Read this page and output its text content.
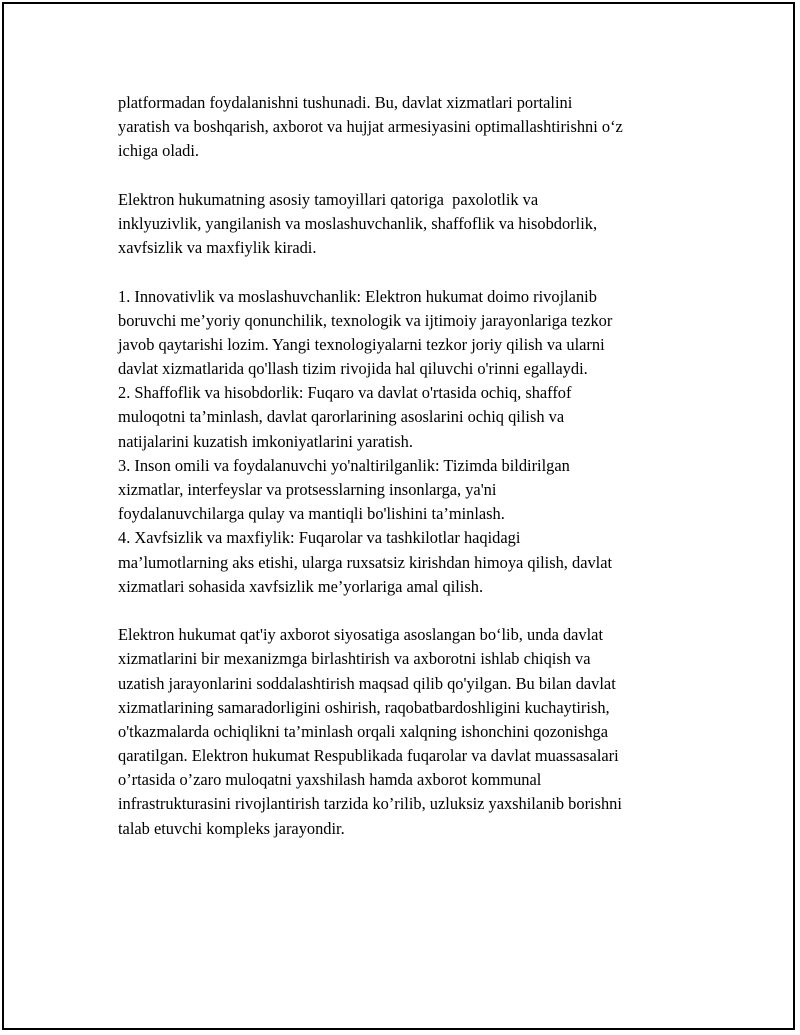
platformadan foydalanishni tushunadi. Bu, davlat xizmatlari portalini
yaratish va boshqarish, axborot va hujjat armesiyasini optimallashtirishni o‘z
ichiga oladi.
Elektron hukumatning asosiy tamoyillari qatoriga  paxolotlik va
inklyuzivlik, yangilanish va moslashuvchanlik, shaffoflik va hisobdorlik,
xavfsizlik va maxfiylik kiradi.
1. Innovativlik va moslashuvchanlik: Elektron hukumat doimo rivojlanib
boruvchi me’yoriy qonunchilik, texnologik va ijtimoiy jarayonlariga tezkor
javob qaytarishi lozim. Yangi texnologiyalarni tezkor joriy qilish va ularni
davlat xizmatlarida qo'llash tizim rivojida hal qiluvchi o'rinni egallaydi.
2. Shaffoflik va hisobdorlik: Fuqaro va davlat o'rtasida ochiq, shaffof
muloqotni ta’minlash, davlat qarorlarining asoslarini ochiq qilish va
natijalarini kuzatish imkoniyatlarini yaratish.
3. Inson omili va foydalanuvchi yo'naltirilganlik: Tizimda bildirilgan
xizmatlar, interfeyslar va protsesslarning insonlarga, ya'ni
foydalanuvchilarga qulay va mantiqli bo'lishini ta’minlash.
4. Xavfsizlik va maxfiylik: Fuqarolar va tashkilotlar haqidagi
ma’lumotlarning aks etishi, ularga ruxsatsiz kirishdan himoya qilish, davlat
xizmatlari sohasida xavfsizlik me’yorlariga amal qilish.
Elektron hukumat qat'iy axborot siyosatiga asoslangan bo‘lib, unda davlat
xizmatlarini bir mexanizmga birlashtirish va axborotni ishlab chiqish va
uzatish jarayonlarini soddalashtirish maqsad qilib qo'yilgan. Bu bilan davlat
xizmatlarining samaradorligini oshirish, raqobatbardoshligini kuchaytirish,
o'tkazmalarda ochiqlikni ta’minlash orqali xalqning ishonchini qozonishga
qaratilgan. Elektron hukumat Respublikada fuqarolar va davlat muassasalari
o’rtasida o’zaro muloqatni yaxshilash hamda axborot kommunal
infrastrukturasini rivojlantirish tarzida ko’rilib, uzluksiz yaxshilanib borishni
talab etuvchi kompleks jarayondir.
